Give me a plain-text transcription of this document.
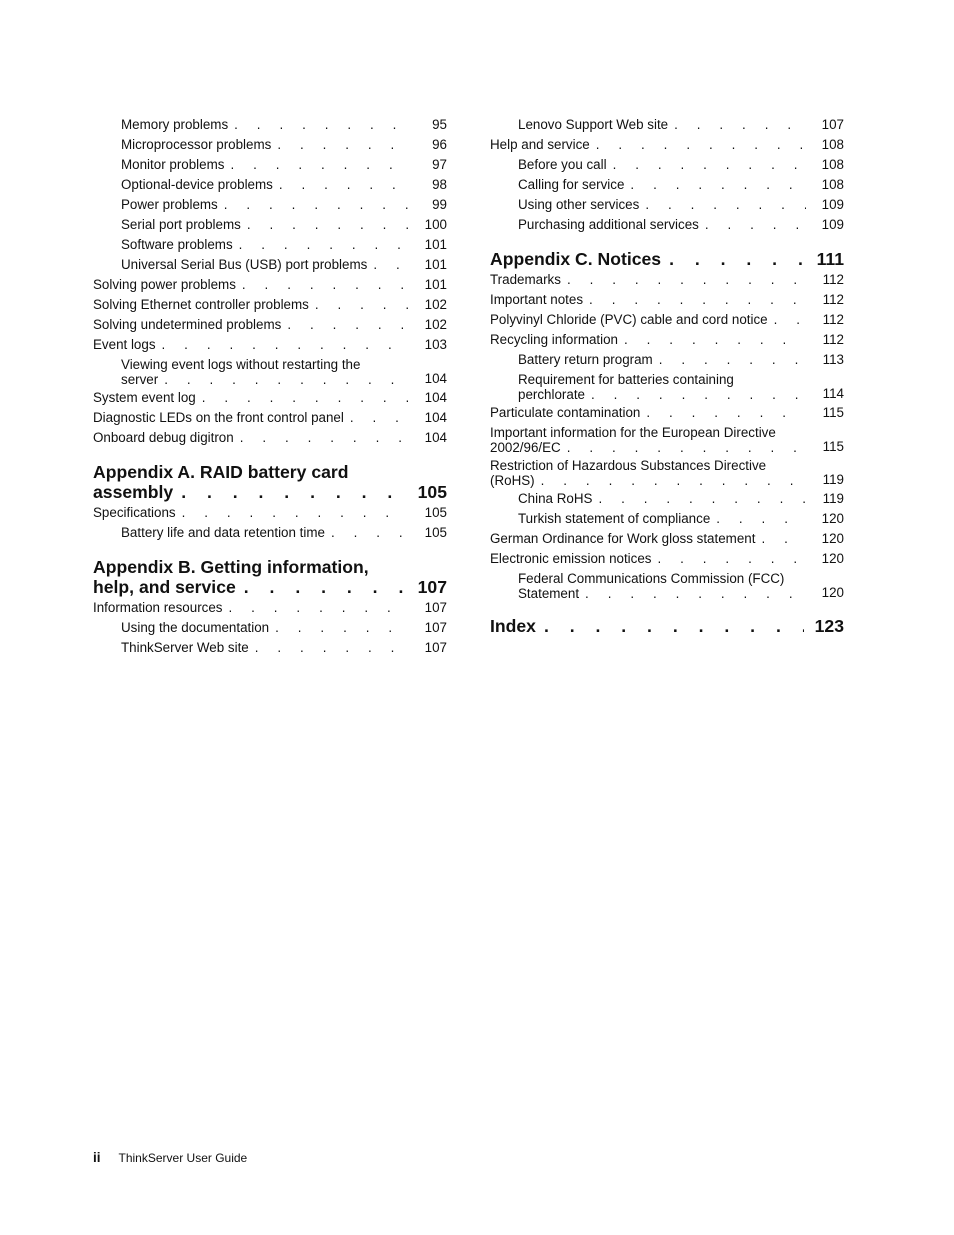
Memory problems . . .	95
Microprocessor problems . . .	96
Monitor problems . . .	97
Optional-device problems . . .	98
Power problems . . .	99
Serial port problems . . .	100
Software problems . . .	101
Universal Serial Bus (USB) port problems . . .	101
Solving power problems . . .	101
Solving Ethernet controller problems . . .	102
Solving undetermined problems . . .	102
Event logs . . .	103
Viewing event logs without restarting the
server . . .	104
System event log . . .	104
Diagnostic LEDs on the front control panel . . .	104
Onboard debug digitron . . .	104
Appendix A. RAID battery card
assembly . . .	105
Specifications . . .	105
Battery life and data retention time . . .	105
Appendix B. Getting information,
help, and service . . .	107
Information resources . . .	107
Using the documentation . . .	107
ThinkServer Web site . . .	107
Lenovo Support Web site . . .	107
Help and service . . .	108
Before you call . . .	108
Calling for service . . .	108
Using other services . . .	109
Purchasing additional services . . .	109
Appendix C. Notices . . .	111
Trademarks . . .	112
Important notes . . .	112
Polyvinyl Chloride (PVC) cable and cord notice . . .	112
Recycling information . . .	112
Battery return program . . .	113
Requirement for batteries containing
perchlorate . . .	114
Particulate contamination . . .	115
Important information for the European Directive
2002/96/EC . . .	115
Restriction of Hazardous Substances Directive
(RoHS) . . .	119
China RoHS . . .	119
Turkish statement of compliance . . .	120
German Ordinance for Work gloss statement . . .	120
Electronic emission notices . . .	120
Federal Communications Commission (FCC)
Statement . . .	120
Index . . .	123
ii ThinkServer User Guide
